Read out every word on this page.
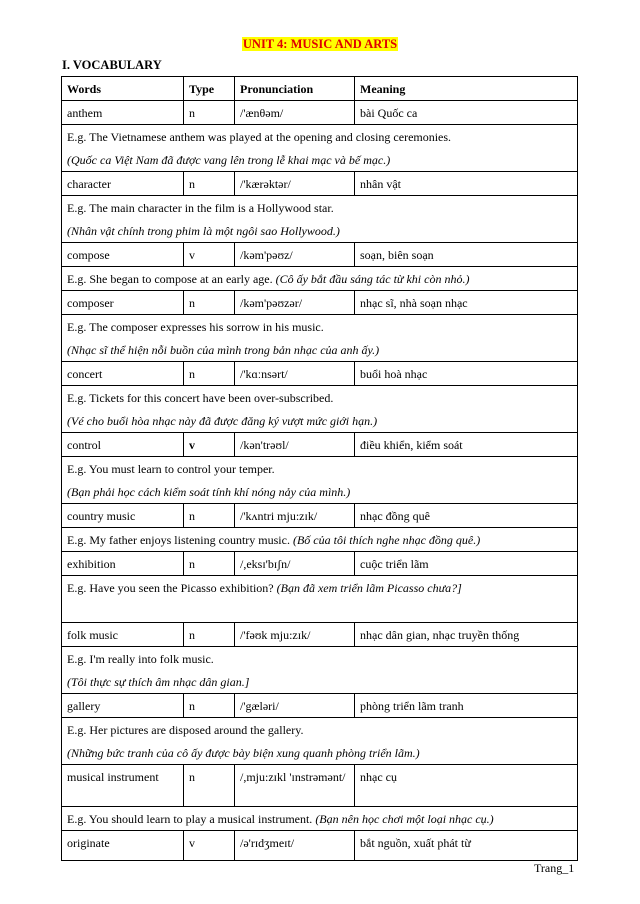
UNIT 4: MUSIC AND ARTS
I. VOCABULARY
Words	Type	Pronunciation	Meaning
anthem	n	/'ænθəm/	bài Quốc ca

E.g. The Vietnamese anthem was played at the opening and closing ceremonies.
(Quốc ca Việt Nam đã được vang lên trong lễ khai mạc và bế mạc.)			

character	n	/'kærəktər/	nhân vật

E.g. The main character in the film is a Hollywood star.
(Nhân vật chính trong phim là một ngôi sao Hollywood.)			

compose	v	/kəm'pəʊz/	soạn, biên soạn
E.g. She began to compose at an early age. (Cô ấy bắt đầu sáng tác từ khi còn nhỏ.)			
composer	n	/kəm'pəʊzər/	nhạc sĩ, nhà soạn nhạc

E.g. The composer expresses his sorrow in his music.
(Nhạc sĩ thể hiện nỗi buồn của mình trong bản nhạc của anh ấy.)			

concert	n	/'kɑːnsərt/	buổi hoà nhạc

E.g. Tickets for this concert have been over-subscribed.
(Vé cho buổi hòa nhạc này đã được đăng ký vượt mức giới hạn.)			

control	v	/kən'trəʊl/	điều khiển, kiểm soát

E.g. You must learn to control your temper.
(Bạn phải học cách kiểm soát tính khí nóng nảy của mình.)			

country music	n	/'kʌntri mju:zɪk/	nhạc đồng quê
E.g. My father enjoys listening country music. (Bố của tôi thích nghe nhạc đồng quê.)			
exhibition	n	/,eksɪ'bɪʃn/	cuộc triển lãm
E.g. Have you seen the Picasso exhibition? (Bạn đã xem triển lãm Picasso chưa?]			
folk music	n	/'fəʊk mju:zɪk/	nhạc dân gian, nhạc truyền thống

E.g. I'm really into folk music.
(Tôi thực sự thích âm nhạc dân gian.]			

gallery	n	/'gæləri/	phòng triển lãm tranh

E.g. Her pictures are disposed around the gallery.
(Những bức tranh của cô ấy được bày biện xung quanh phòng triển lãm.)			

musical instrument	n	/,mju:zɪkl 'ɪnstrəmənt/	nhạc cụ
E.g. You should learn to play a musical instrument. (Bạn nên học chơi một loại nhạc cụ.)			
originate	v	/ə'rɪdʒmeɪt/	bắt nguồn, xuất phát từ
Trang_1
